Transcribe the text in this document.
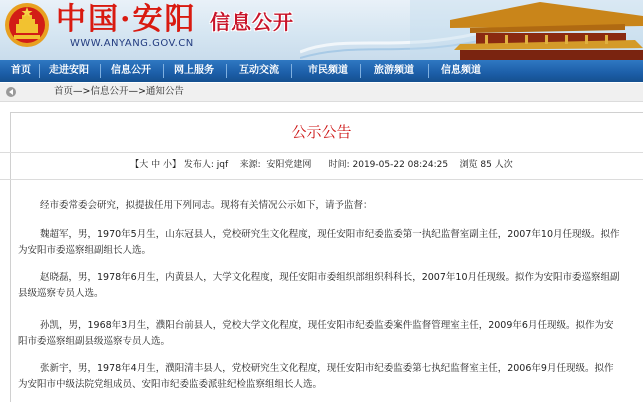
中国·安阳
WWW.ANYANG.GOV.CN
信息公开
首页 走进安阳 信息公开 网上服务	互动交流	市民频道	旅游频道	信息频道
首页—>信息公开—>通知公告
公示公告
【大 中 小】 发布人: jqf 来源:  安阳党建网 时间: 2019-05-22 08:24:25 浏览 85 人次
经市委常委会研究，拟提拔任用下列同志。现将有关情况公示如下，请予监督：
魏超军，男，1970年5月生，山东冠县人，党校研究生文化程度，现任安阳市纪委监委第一执纪监督室副主任，2007年10月任现级。拟作
为安阳市委巡察组副组长人选。
赵晓磊，男，1978年6月生，内黄县人，大学文化程度，现任安阳市委组织部组织科科长，2007年10月任现级。拟作为安阳市委巡察组副
县级巡察专员人选。
孙凯，男，1968年3月生，濮阳台前县人，党校大学文化程度，现任安阳市纪委监委案件监督管理室主任，2009年6月任现级。拟作为安
阳市委巡察组副县级巡察专员人选。
张新宇，男，1978年4月生，濮阳清丰县人，党校研究生文化程度，现任安阳市纪委监委第七执纪监督室主任，2006年9月任现级。拟作
为安阳市中级法院党组成员、安阳市纪委监委派驻纪检监察组组长人选。
